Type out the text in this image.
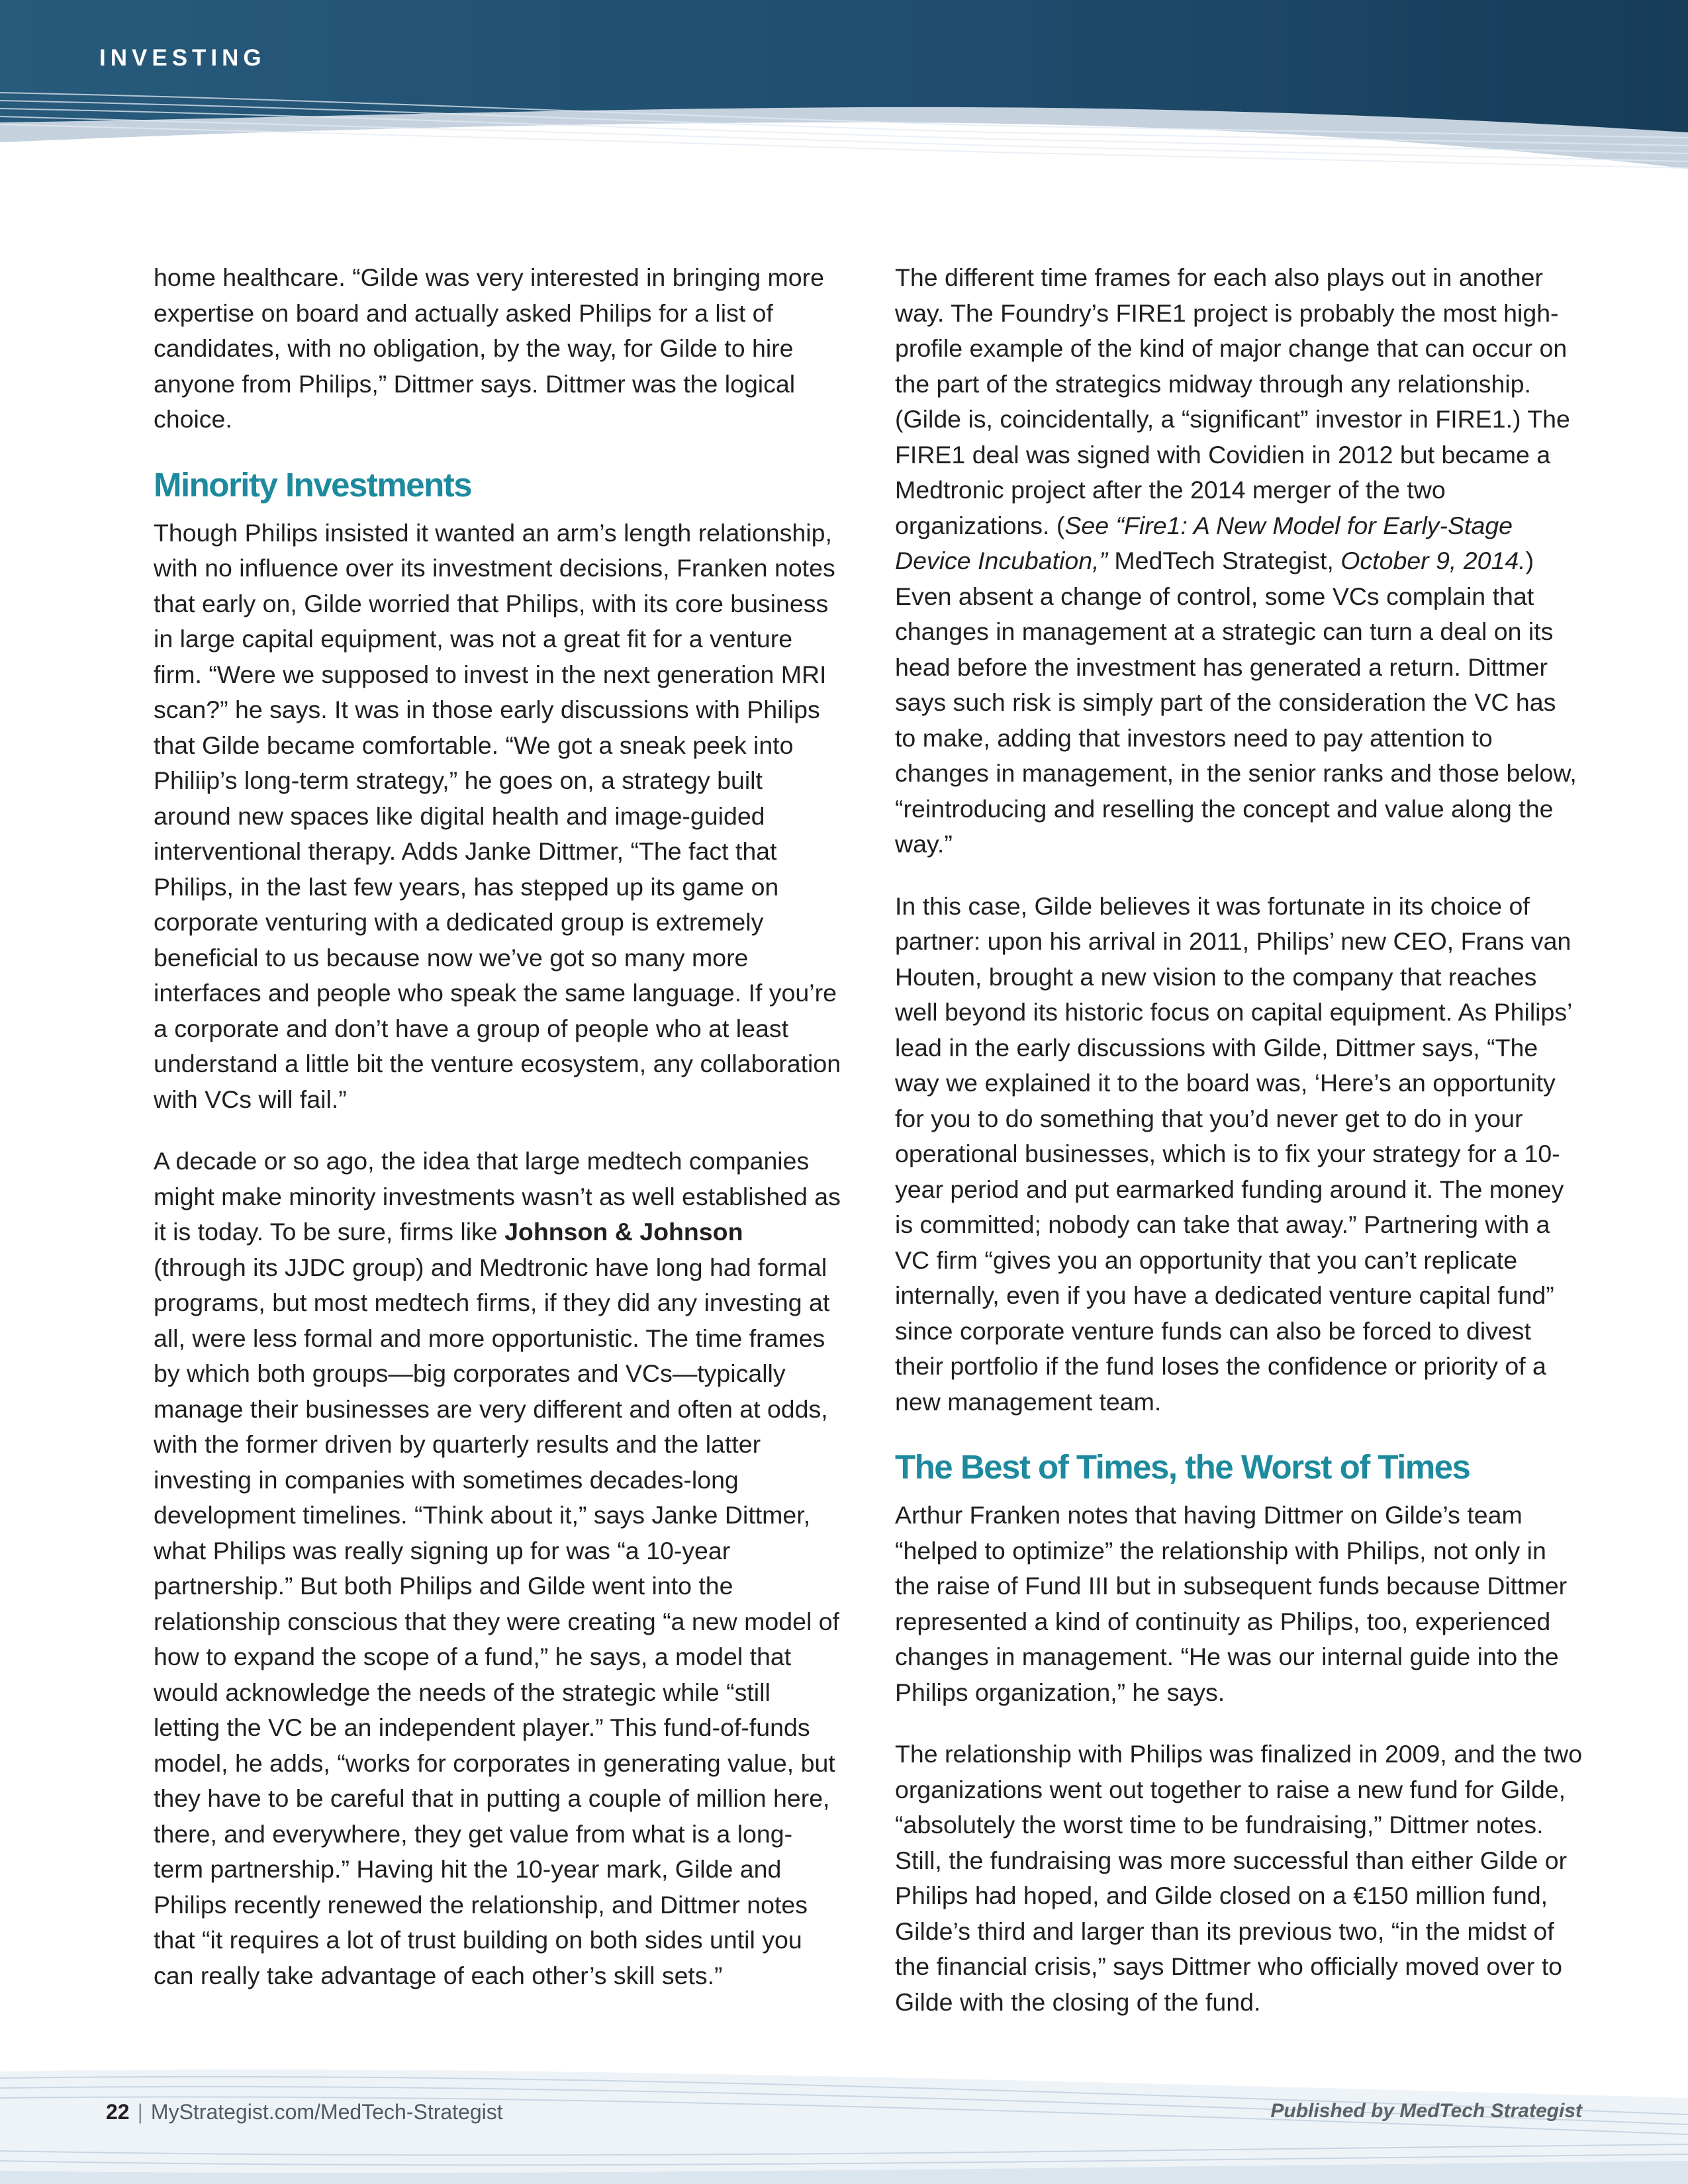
INVESTING

home healthcare. “Gilde was very interested in bringing more expertise on board and actually asked Philips for a list of candidates, with no obligation, by the way, for Gilde to hire anyone from Philips,” Dittmer says. Dittmer was the logical choice.

Minority Investments

Though Philips insisted it wanted an arm’s length relationship, with no influence over its investment decisions, Franken notes that early on, Gilde worried that Philips, with its core business in large capital equipment, was not a great fit for a venture firm. “Were we supposed to invest in the next generation MRI scan?” he says. It was in those early discussions with Philips that Gilde became comfortable. “We got a sneak peek into Philiip’s long-term strategy,” he goes on, a strategy built around new spaces like digital health and image-guided interventional therapy. Adds Janke Dittmer, “The fact that Philips, in the last few years, has stepped up its game on corporate venturing with a dedicated group is extremely beneficial to us because now we’ve got so many more interfaces and people who speak the same language. If you’re a corporate and don’t have a group of people who at least understand a little bit the venture ecosystem, any collaboration with VCs will fail.”

A decade or so ago, the idea that large medtech companies might make minority investments wasn’t as well established as it is today. To be sure, firms like Johnson & Johnson (through its JJDC group) and Medtronic have long had formal programs, but most medtech firms, if they did any investing at all, were less formal and more opportunistic. The time frames by which both groups—big corporates and VCs—typically manage their businesses are very different and often at odds, with the former driven by quarterly results and the latter investing in companies with sometimes decades-long development timelines. “Think about it,” says Janke Dittmer, what Philips was really signing up for was “a 10-year partnership.” But both Philips and Gilde went into the relationship conscious that they were creating “a new model of how to expand the scope of a fund,” he says, a model that would acknowledge the needs of the strategic while “still letting the VC be an independent player.” This fund-of-funds model, he adds, “works for corporates in generating value, but they have to be careful that in putting a couple of million here, there, and everywhere, they get value from what is a long-term partnership.” Having hit the 10-year mark, Gilde and Philips recently renewed the relationship, and Dittmer notes that “it requires a lot of trust building on both sides until you can really take advantage of each other’s skill sets.”

The different time frames for each also plays out in another way. The Foundry’s FIRE1 project is probably the most high-profile example of the kind of major change that can occur on the part of the strategics midway through any relationship. (Gilde is, coincidentally, a “significant” investor in FIRE1.) The FIRE1 deal was signed with Covidien in 2012 but became a Medtronic project after the 2014 merger of the two organizations. (See “Fire1: A New Model for Early-Stage Device Incubation,” MedTech Strategist, October 9, 2014.) Even absent a change of control, some VCs complain that changes in management at a strategic can turn a deal on its head before the investment has generated a return. Dittmer says such risk is simply part of the consideration the VC has to make, adding that investors need to pay attention to changes in management, in the senior ranks and those below, “reintroducing and reselling the concept and value along the way.”

In this case, Gilde believes it was fortunate in its choice of partner: upon his arrival in 2011, Philips’ new CEO, Frans van Houten, brought a new vision to the company that reaches well beyond its historic focus on capital equipment. As Philips’ lead in the early discussions with Gilde, Dittmer says, “The way we explained it to the board was, ‘Here’s an opportunity for you to do something that you’d never get to do in your operational businesses, which is to fix your strategy for a 10-year period and put earmarked funding around it. The money is committed; nobody can take that away.” Partnering with a VC firm “gives you an opportunity that you can’t replicate internally, even if you have a dedicated venture capital fund” since corporate venture funds can also be forced to divest their portfolio if the fund loses the confidence or priority of a new management team.

The Best of Times, the Worst of Times

Arthur Franken notes that having Dittmer on Gilde’s team “helped to optimize” the relationship with Philips, not only in the raise of Fund III but in subsequent funds because Dittmer represented a kind of continuity as Philips, too, experienced changes in management. “He was our internal guide into the Philips organization,” he says.

The relationship with Philips was finalized in 2009, and the two organizations went out together to raise a new fund for Gilde, “absolutely the worst time to be fundraising,” Dittmer notes. Still, the fundraising was more successful than either Gilde or Philips had hoped, and Gilde closed on a €150 million fund, Gilde’s third and larger than its previous two, “in the midst of the financial crisis,” says Dittmer who officially moved over to Gilde with the closing of the fund.

22 | MyStrategist.com/MedTech-Strategist	Published by MedTech Strategist
